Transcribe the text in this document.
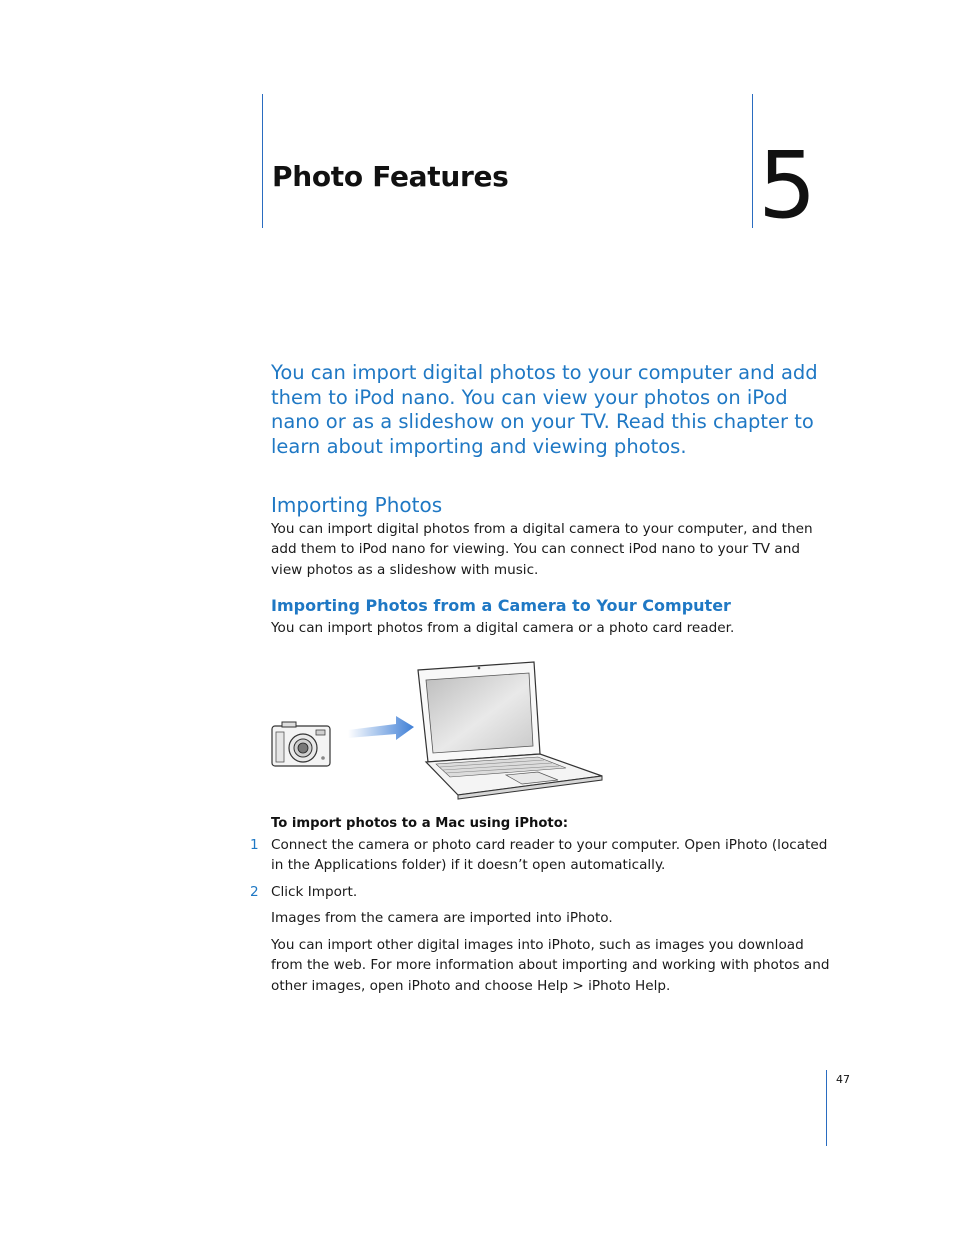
Photo Features	5

You can import digital photos to your computer and add them to iPod nano. You can view your photos on iPod nano or as a slideshow on your TV. Read this chapter to learn about importing and viewing photos.

Importing Photos

You can import digital photos from a digital camera to your computer, and then add them to iPod nano for viewing. You can connect iPod nano to your TV and view photos as a slideshow with music.

Importing Photos from a Camera to Your Computer

You can import photos from a digital camera or a photo card reader.

To import photos to a Mac using iPhoto:
1 Connect the camera or photo card reader to your computer. Open iPhoto (located in the Applications folder) if it doesn’t open automatically.

2 Click Import.

Images from the camera are imported into iPhoto.

You can import other digital images into iPhoto, such as images you download from the web. For more information about importing and working with photos and other images, open iPhoto and choose Help > iPhoto Help.

47
